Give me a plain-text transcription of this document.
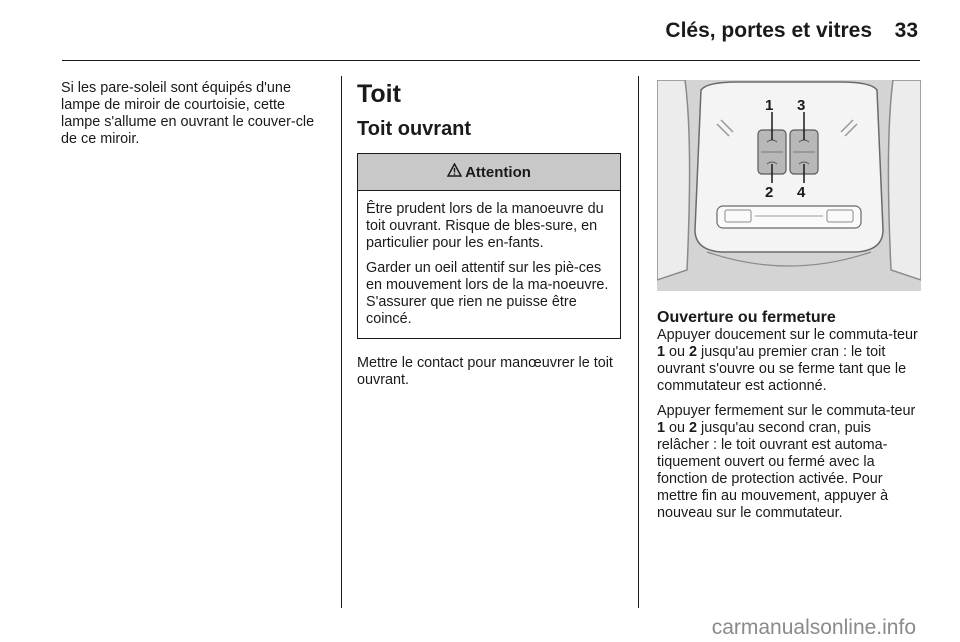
Clés, portes et vitres 33

Si les pare-soleil sont équipés d'une lampe de miroir de courtoisie, cette lampe s'allume en ouvrant le couver-cle de ce miroir.

Toit
Toit ouvrant
Attention

Être prudent lors de la manoeuvre du toit ouvrant. Risque de bles-sure, en particulier pour les en-fants.

Garder un oeil attentif sur les piè-ces en mouvement lors de la ma-noeuvre. S'assurer que rien ne puisse être coincé.

Mettre le contact pour manœuvrer le toit ouvrant.

1 3
2 4
Ouverture ou fermeture

Appuyer doucement sur le commuta-teur 1 ou 2 jusqu'au premier cran : le toit ouvrant s'ouvre ou se ferme tant que le commutateur est actionné.

Appuyer fermement sur le commuta-teur 1 ou 2 jusqu'au second cran, puis relâcher : le toit ouvrant est automa-tiquement ouvert ou fermé avec la fonction de protection activée. Pour mettre fin au mouvement, appuyer à nouveau sur le commutateur.

carmanualsonline.info
